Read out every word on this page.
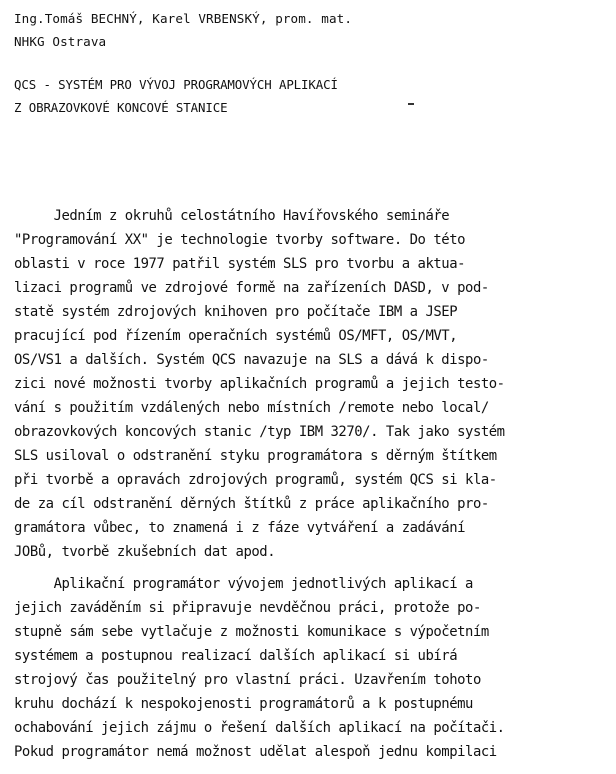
Ing.Tomáš BECHNÝ, Karel VRBENSKÝ, prom. mat.
NHKG Ostrava
QCS - SYSTÉM PRO VÝVOJ PROGRAMOVÝCH APLIKACÍ
Z OBRAZOVKOVÉ KONCOVÉ STANICE
Jedním z okruhů celostátního Havířovského semináře
"Programování XX" je technologie tvorby software. Do této
oblasti v roce 1977 patřil systém SLS pro tvorbu a aktua-
lizaci programů ve zdrojové formě na zařízeních DASD, v pod-
statě systém zdrojových knihoven pro počítače IBM a JSEP
pracující pod řízením operačních systémů OS/MFT, OS/MVT,
OS/VS1 a dalších. Systém QCS navazuje na SLS a dává k dispo-
zici nové možnosti tvorby aplikačních programů a jejich testo-
vání s použitím vzdálených nebo místních /remote nebo local/
obrazovkových koncových stanic /typ IBM 3270/. Tak jako systém
SLS usiloval o odstranění styku programátora s děrným štítkem
při tvorbě a opravách zdrojových programů, systém QCS si kla-
de za cíl odstranění děrných štítků z práce aplikačního pro-
gramátora vůbec, to znamená i z fáze vytváření a zadávání
JOBů, tvorbě zkušebních dat apod.
Aplikační programátor vývojem jednotlivých aplikací a
jejich zaváděním si připravuje nevděčnou práci, protože po-
stupně sám sebe vytlačuje z možnosti komunikace s výpočetním
systémem a postupnou realizací dalších aplikací si ubírá
strojový čas použitelný pro vlastní práci. Uzavřením tohoto
kruhu dochází k nespokojenosti programátorů a k postupnému
ochabování jejich zájmu o řešení dalších aplikací na počítači.
Pokud programátor nemá možnost udělat alespoň jednu kompilaci
